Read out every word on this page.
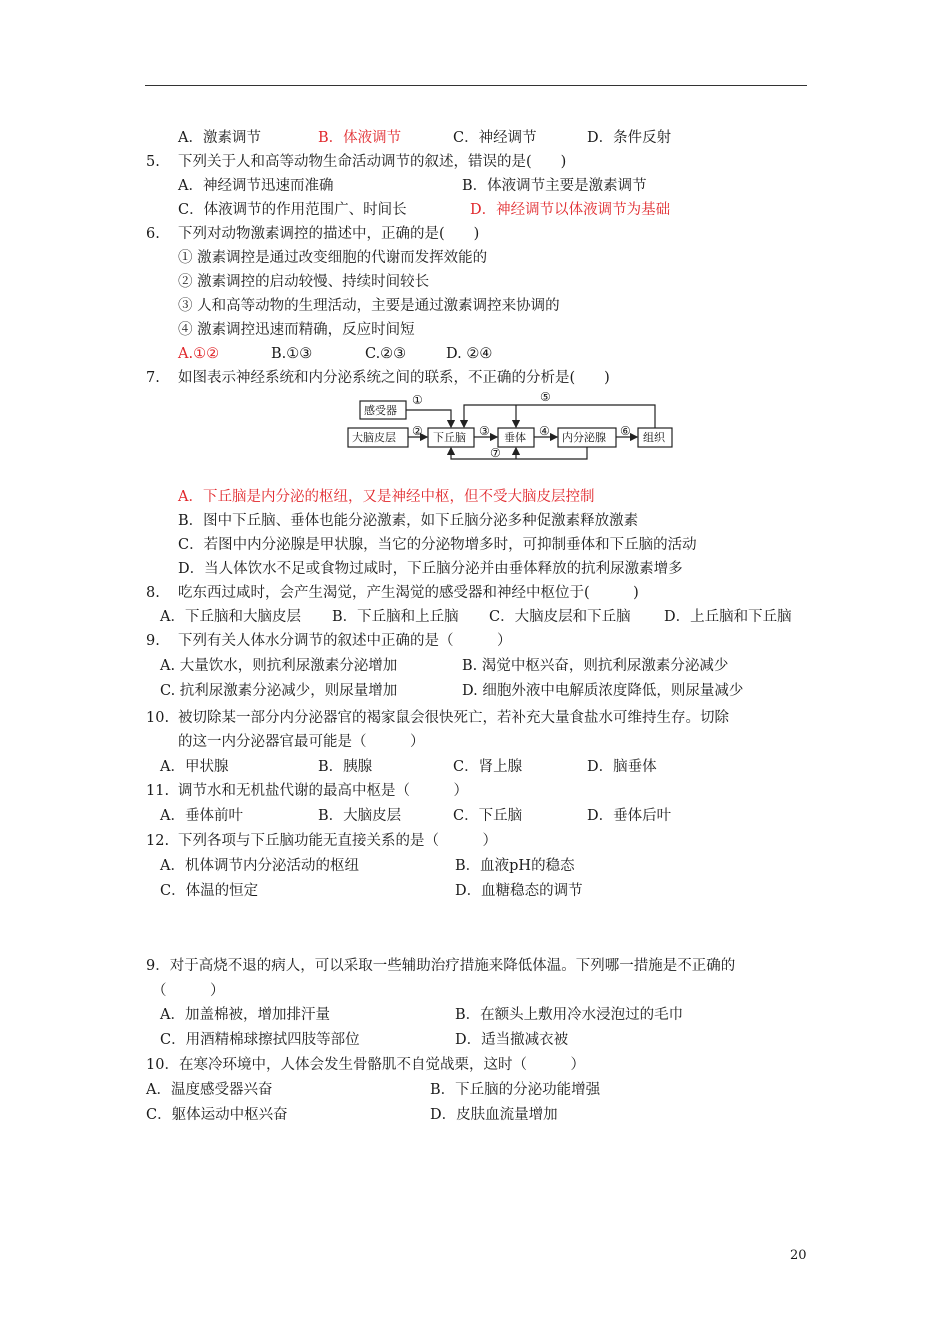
A．激素调节	B．体液调节	C．神经调节	D．条件反射
5. 下列关于人和高等动物生命活动调节的叙述，错误的是(　　)
A．神经调节迅速而准确	B．体液调节主要是激素调节
C．体液调节的作用范围广、时间长	D．神经调节以体液调节为基础
6. 下列对动物激素调控的描述中，正确的是(　　)
① 激素调控是通过改变细胞的代谢而发挥效能的
② 激素调控的启动较慢、持续时间较长
③ 人和高等动物的生理活动，主要是通过激素调控来协调的
④ 激素调控迅速而精确，反应时间短
A.①②	B.①③	C.②③	D. ②④
7. 如图表示神经系统和内分泌系统之间的联系，不正确的分析是(　　)
感受器
大脑皮层	下丘脑	垂体	内分泌腺	组织
①
②	③	④
⑤
⑥
⑦
A．下丘脑是内分泌的枢纽，又是神经中枢，但不受大脑皮层控制
B．图中下丘脑、垂体也能分泌激素，如下丘脑分泌多种促激素释放激素
C．若图中内分泌腺是甲状腺，当它的分泌物增多时，可抑制垂体和下丘脑的活动
D．当人体饮水不足或食物过咸时，下丘脑分泌并由垂体释放的抗利尿激素增多
8. 吃东西过咸时，会产生渴觉，产生渴觉的感受器和神经中枢位于(　　　)
A．下丘脑和大脑皮层 B．下丘脑和上丘脑 C．大脑皮层和下丘脑 D．上丘脑和下丘脑
9. 下列有关人体水分调节的叙述中正确的是（　　　）
A. 大量饮水，则抗利尿激素分泌增加	B. 渴觉中枢兴奋，则抗利尿激素分泌减少
C. 抗利尿激素分泌减少，则尿量增加	D. 细胞外液中电解质浓度降低，则尿量减少
10. 被切除某一部分内分泌器官的褐家鼠会很快死亡，若补充大量食盐水可维持生存。切除
的这一内分泌器官最可能是（　　　）
A．甲状腺	B．胰腺	C．肾上腺	D．脑垂体
11. 调节水和无机盐代谢的最高中枢是（　　　）
A．垂体前叶	B．大脑皮层	C．下丘脑	D．垂体后叶
12. 下列各项与下丘脑功能无直接关系的是（　　　）
A．机体调节内分泌活动的枢纽	B．血液pH的稳态
C．体温的恒定	D．血糖稳态的调节
9．对于高烧不退的病人，可以采取一些辅助治疗措施来降低体温。下列哪一措施是不正确的
（　　　）
A．加盖棉被，增加排汗量	B．在额头上敷用冷水浸泡过的毛巾
C．用酒精棉球擦拭四肢等部位	D．适当撤减衣被
10．在寒冷环境中，人体会发生骨骼肌不自觉战栗，这时（　　　）
A．温度感受器兴奋	B．下丘脑的分泌功能增强
C．躯体运动中枢兴奋	D．皮肤血流量增加
20
